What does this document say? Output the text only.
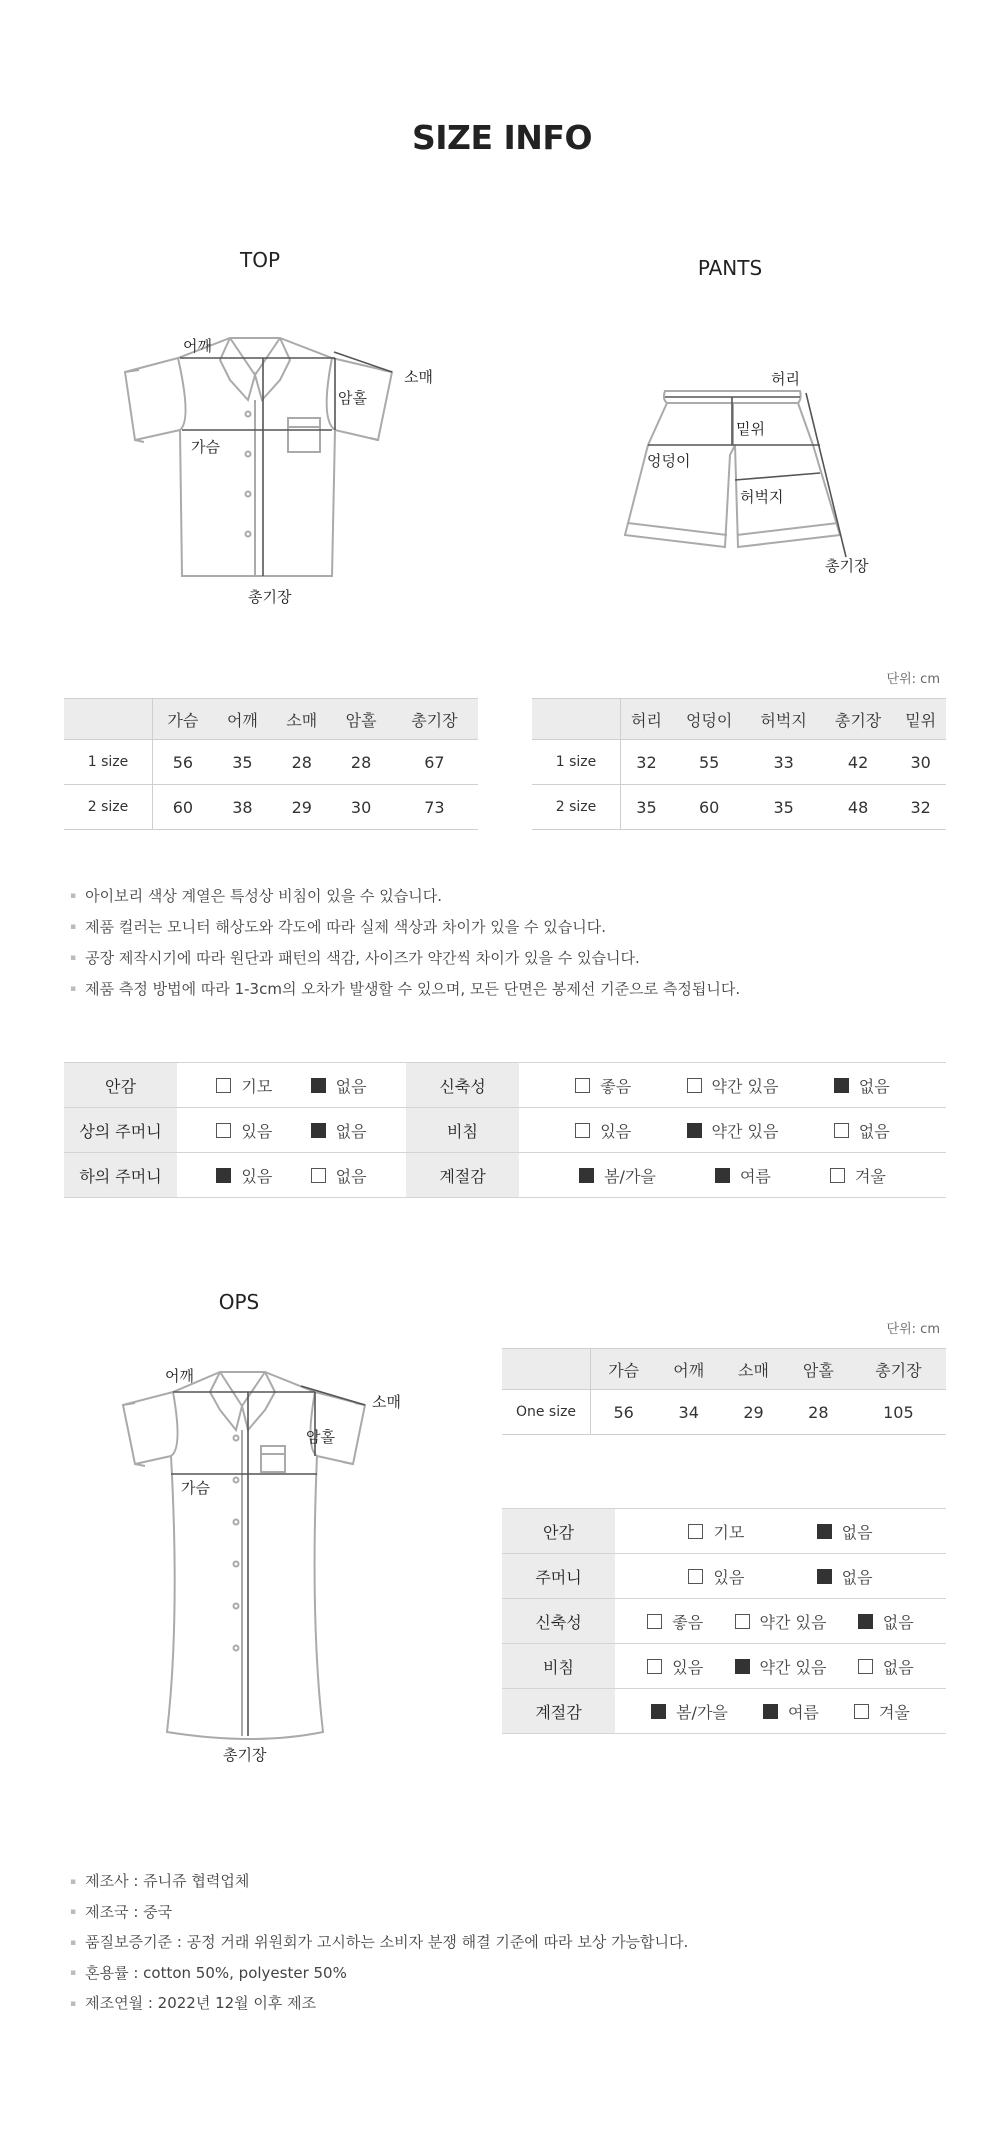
SIZE INFO
TOP
어깨
소매
암홀
가슴
총기장
PANTS
허리
밑위
엉덩이
허벅지
총기장
단위: cm
	가슴	어깨	소매	암홀	총기장
1 size	56	35	28	28	67
2 size	60	38	29	30	73
	허리	엉덩이	허벅지	총기장	밑위
1 size	32	55	33	42	30
2 size	35	60	35	48	32
▪ 아이보리 색상 계열은 특성상 비침이 있을 수 있습니다.
▪ 제품 컬러는 모니터 해상도와 각도에 따라 실제 색상과 차이가 있을 수 있습니다.
▪ 공장 제작시기에 따라 원단과 패턴의 색감, 사이즈가 약간씩 차이가 있을 수 있습니다.
▪ 제품 측정 방법에 따라 1-3cm의 오차가 발생할 수 있으며, 모든 단면은 봉제선 기준으로 측정됩니다.
안감	기모 없음	신축성	좋음 약간 있음 없음

상의 주머니	있음 없음	비침	있음 약간 있음 없음

하의 주머니	있음 없음	계절감	봄/가을 여름 겨울
OPS
단위: cm
어깨
소매
암홀
가슴
총기장
	가슴	어깨	소매	암홀	총기장
One size	56	34	29	28	105
안감	기모 없음

주머니	있음 없음

신축성	좋음 약간 있음 없음

비침	있음 약간 있음 없음

계절감	봄/가을 여름 겨울
▪ 제조사 : 쥬니쥬 협력업체
▪ 제조국 : 중국
▪ 품질보증기준 : 공정 거래 위원회가 고시하는 소비자 분쟁 해결 기준에 따라 보상 가능합니다.
▪ 혼용률 : cotton 50%, polyester 50%
▪ 제조연월 : 2022년 12월 이후 제조
